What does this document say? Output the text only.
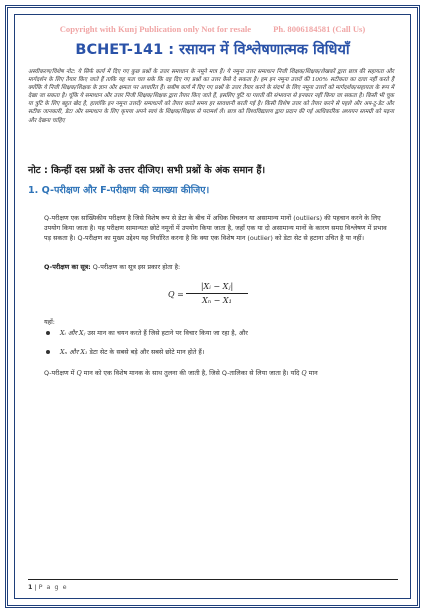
Copyright with Kunj Publication only Not for resale	Ph. 8006184581 (Call Us)
BCHET-141 : रसायन में विश्लेषणात्मक विधियाँ
अस्वीकरण/विशेष नोट: ये सिर्फ कार्य में दिए गए कुछ प्रश्नों के उत्तर समाधान के नमूने मात्र हैं। ये नमूना उत्तर समाधान निजी शिक्षक/शिक्षक/लेखकों द्वारा छात्र की सहायता और मार्गदर्शन के लिए तैयार किए जाते हैं ताकि यह पता चल सके कि वह दिए गए प्रश्नों का उत्तर कैसे दे सकता है। हम इन नमूना उत्तरों की 100% सटीकता का दावा नहीं करते हैं क्योंकि ये निजी शिक्षक/शिक्षक के ज्ञान और क्षमता पर आधारित हैं। सबीष कार्य में दिए गए प्रश्नों के उत्तर तैयार करने के संदर्भ के लिए नमूना उत्तरों को मार्गदर्शक/सहायता के रूप में देखा जा सकता है। चूंकि ये समाधान और उत्तर निजी शिक्षक/शिक्षक द्वारा तैयार किए जाते हैं, इसलिए त्रुटि या गलती की संभावना से इनकार नहीं किया जा सकता है। किसी भी चूक या त्रुटि के लिए बहुत खेद है, हालांकि इन नमूना उत्तरों/ समाधानों को तैयार करते समय हर सावधानी बरती गई है। किसी विशेष उत्तर को तैयार करने से पहले और अप-टू-डेट और सटीक जानकारी, डेटा और समाधान के लिए कृपया अपने स्वयं के शिक्षक/शिक्षक से परामर्श लें। छात्र को विश्वविद्यालय द्वारा प्रदान की गई आधिकारिक अध्ययन सामग्री को पढ़ना और देखना चाहिए
नोट : किन्हीं दस प्रश्नों के उत्तर दीजिए। सभी प्रश्नों के अंक समान हैं।
1. Q-परीक्षण और F-परीक्षण की व्याख्या कीजिए।
Q-परीक्षण एक सांख्यिकीय परीक्षण है जिसे विशेष रूप से डेटा के बीच में अधिक विचलन या असामान्य मानों (outliers) की पहचान करने के लिए उपयोग किया जाता है। यह परीक्षण सामान्यतः छोटे नमूनों में उपयोग किया जाता है, जहाँ एक या दो असामान्य मानों के कारण समग्र विश्लेषण में प्रभाव पड़ सकता है। Q-परीक्षण का मुख्य उद्देश्य यह निर्धारित करना है कि क्या एक विशेष मान (outlier) को डेटा सेट से हटाना उचित है या नहीं।
Q-परीक्षण का सूत्र: Q-परीक्षण का सूत्र इस प्रकार होता है:
Q =
|Xᵢ − Xⱼ|
Xₙ − X₁
यहाँ:
Xᵢ और Xⱼ उस मान का चयन करते हैं जिसे हटाने पर विचार किया जा रहा है, और
Xₙ और X₁ डेटा सेट के सबसे बड़े और सबसे छोटे मान होते हैं।
Q-परीक्षण में Q मान को एक विशेष मानक के साथ तुलना की जाती है, जिसे Q-तालिका से लिया जाता है। यदि Q मान
1 | P a g e
